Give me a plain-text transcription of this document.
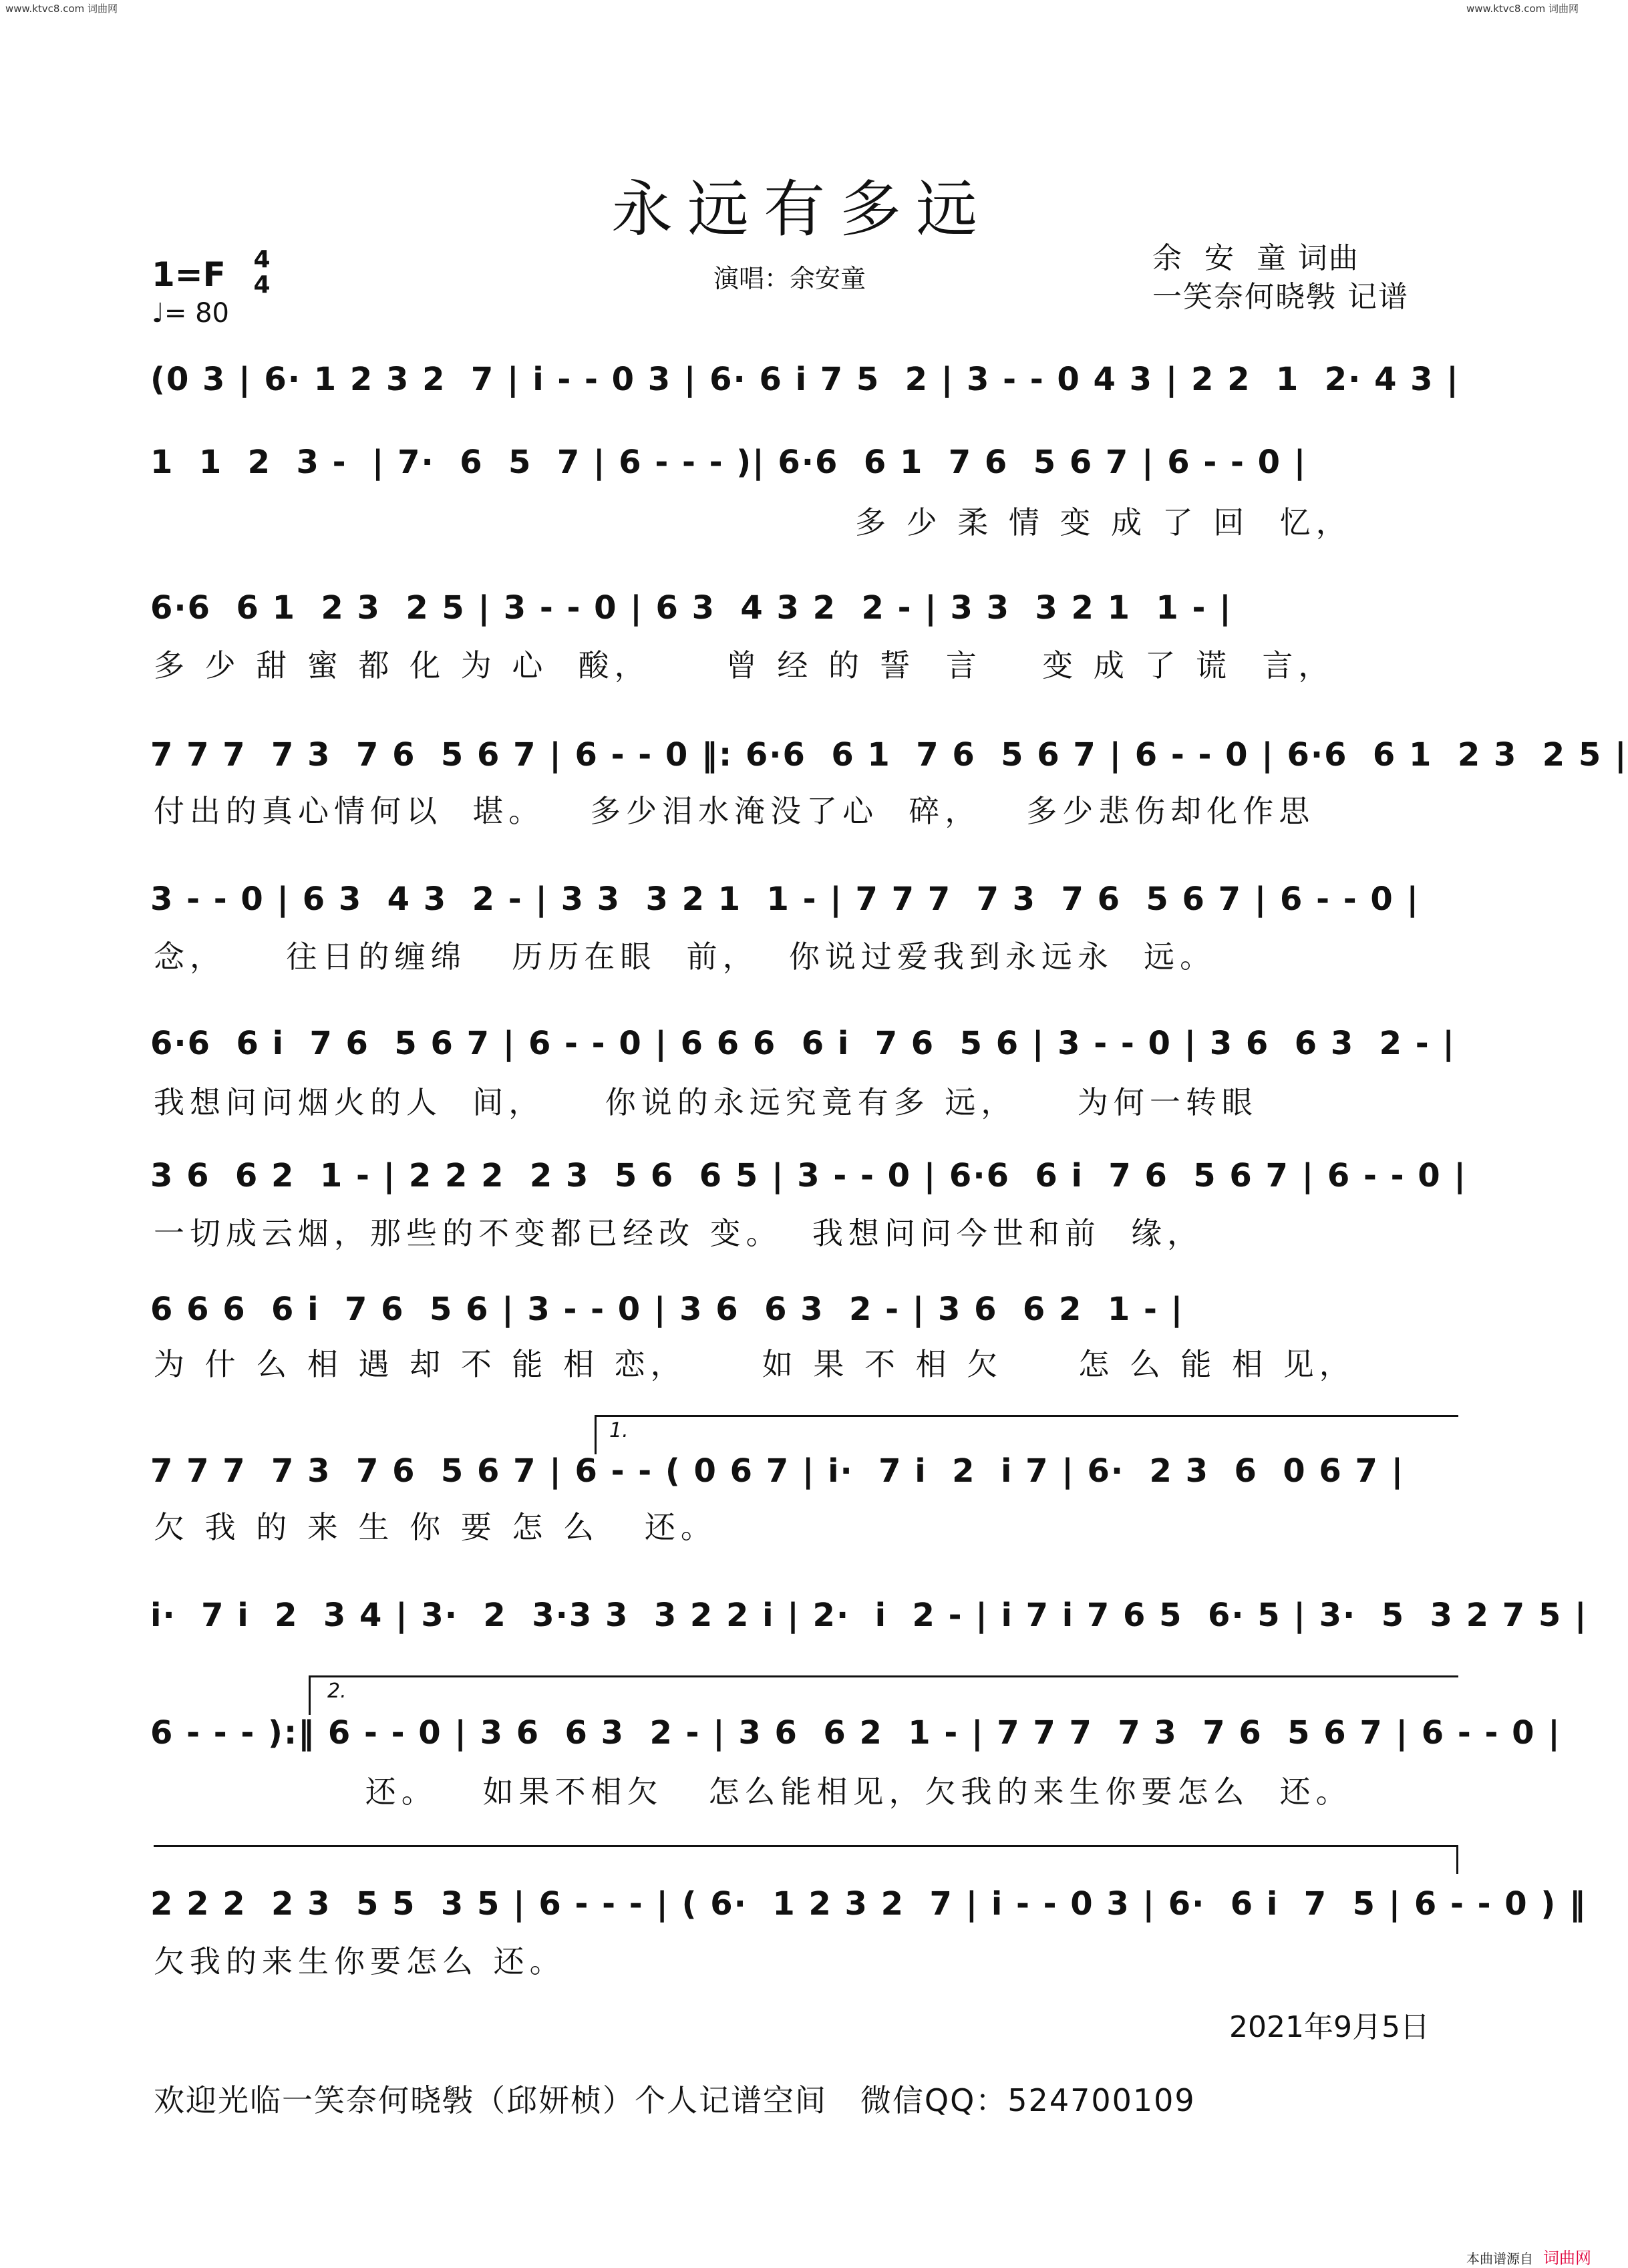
www.ktvc8.com 词曲网	www.ktvc8.com 词曲网
永远有多远
1=F 4
4
♩= 80
演唱：余安童
余  安  童 词曲
一笑奈何晓斅 记谱
(0 3 | 6· 1 2 3 2  7 | i - - 0 3 | 6· 6 i 7 5  2 | 3 - - 0 4 3 | 2 2  1  2· 4 3 |
1  1  2  3 -  | 7·  6  5  7 | 6 - - - )| 6·6  6 1  7 6  5 6 7 | 6 - - 0 |
多 少 柔 情 变 成 了 回  忆，
6·6  6 1  2 3  2 5 | 3 - - 0 | 6 3  4 3 2  2 - | 3 3  3 2 1  1 - |
多 少 甜 蜜 都 化 为 心  酸，     曾 经 的 誓  言    变 成 了 谎  言，
7 7 7  7 3  7 6  5 6 7 | 6 - - 0 ‖: 6·6  6 1  7 6  5 6 7 | 6 - - 0 | 6·6  6 1  2 3  2 5 |
付出的真心情何以  堪。   多少泪水淹没了心  碎，   多少悲伤却化作思
3 - - 0 | 6 3  4 3  2 - | 3 3  3 2 1  1 - | 7 7 7  7 3  7 6  5 6 7 | 6 - - 0 |
念，    往日的缠绵   历历在眼  前，  你说过爱我到永远永  远。
6·6  6 i  7 6  5 6 7 | 6 - - 0 | 6 6 6  6 i  7 6  5 6 | 3 - - 0 | 3 6  6 3  2 - |
我想问问烟火的人  间，    你说的永远究竟有多 远，    为何一转眼
3 6  6 2  1 - | 2 2 2  2 3  5 6  6 5 | 3 - - 0 | 6·6  6 i  7 6  5 6 7 | 6 - - 0 |
一切成云烟，那些的不变都已经改 变。  我想问问今世和前  缘，
6 6 6  6 i  7 6  5 6 | 3 - - 0 | 3 6  6 3  2 - | 3 6  6 2  1 - |
为 什 么 相 遇 却 不 能 相 恋，     如 果 不 相 欠     怎 么 能 相 见，
1.
7 7 7  7 3  7 6  5 6 7 | 6 - - ( 0 6 7 | i·  7 i  2  i 7 | 6·  2 3  6  0 6 7 |
欠 我 的 来 生 你 要 怎 么   还。
i·  7 i  2  3 4 | 3·  2  3·3 3  3 2 2 i | 2·  i  2 - | i 7 i 7 6 5  6· 5 | 3·  5  3 2 7 5 |
2.
6 - - - ):‖ 6 - - 0 | 3 6  6 3  2 - | 3 6  6 2  1 - | 7 7 7  7 3  7 6  5 6 7 | 6 - - 0 |
还。   如果不相欠   怎么能相见，欠我的来生你要怎么  还。
2 2 2  2 3  5 5  3 5 | 6 - - - | ( 6·  1 2 3 2  7 | i - - 0 3 | 6·  6 i  7  5 | 6 - - 0 ) ‖
欠我的来生你要怎么 还。
2021年9月5日
欢迎光临一笑奈何晓斅（邱妍桢）个人记谱空间   微信QQ：524700109
本曲谱源自 词曲网
